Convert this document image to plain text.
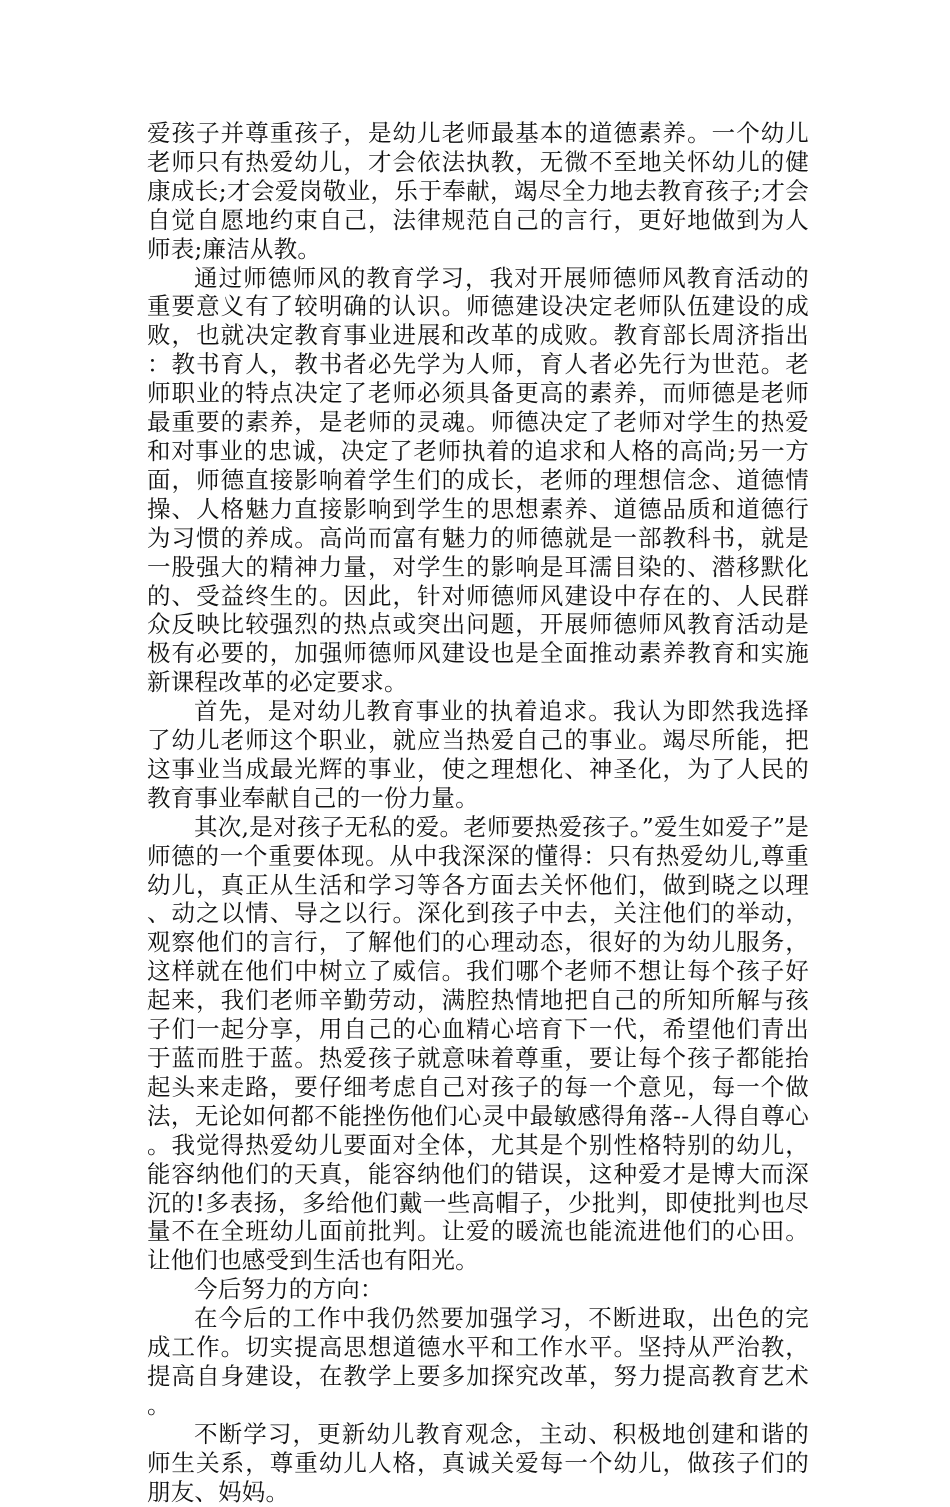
爱孩子并尊重孩子，是幼儿老师最基本的道德素养。一个幼儿老师只有热爱幼儿，才会依法执教，无微不至地关怀幼儿的健康成长;才会爱岗敬业，乐于奉献，竭尽全力地去教育孩子;才会自觉自愿地约束自己，法律规范自己的言行，更好地做到为人师表;廉洁从教。

通过师德师风的教育学习，我对开展师德师风教育活动的重要意义有了较明确的认识。师德建设决定老师队伍建设的成败，也就决定教育事业进展和改革的成败。教育部长周济指出：教书育人，教书者必先学为人师，育人者必先行为世范。老师职业的特点决定了老师必须具备更高的素养，而师德是老师最重要的素养，是老师的灵魂。师德决定了老师对学生的热爱和对事业的忠诚，决定了老师执着的追求和人格的高尚;另一方面，师德直接影响着学生们的成长，老师的理想信念、道德情操、人格魅力直接影响到学生的思想素养、道德品质和道德行为习惯的养成。高尚而富有魅力的师德就是一部教科书，就是一股强大的精神力量，对学生的影响是耳濡目染的、潜移默化的、受益终生的。因此，针对师德师风建设中存在的、人民群众反映比较强烈的热点或突出问题，开展师德师风教育活动是极有必要的，加强师德师风建设也是全面推动素养教育和实施新课程改革的必定要求。

首先，是对幼儿教育事业的执着追求。我认为即然我选择了幼儿老师这个职业，就应当热爱自己的事业。竭尽所能，把这事业当成最光辉的事业，使之理想化、神圣化，为了人民的教育事业奉献自己的一份力量。

其次,是对孩子无私的爱。老师要热爱孩子。”爱生如爱子”是师德的一个重要体现。从中我深深的懂得：只有热爱幼儿,尊重幼儿，真正从生活和学习等各方面去关怀他们，做到晓之以理、动之以情、导之以行。深化到孩子中去，关注他们的举动，观察他们的言行，了解他们的心理动态，很好的为幼儿服务，这样就在他们中树立了威信。我们哪个老师不想让每个孩子好起来，我们老师辛勤劳动，满腔热情地把自己的所知所解与孩子们一起分享，用自己的心血精心培育下一代，希望他们青出于蓝而胜于蓝。热爱孩子就意味着尊重，要让每个孩子都能抬起头来走路，要仔细考虑自己对孩子的每一个意见，每一个做法，无论如何都不能挫伤他们心灵中最敏感得角落--人得自尊心。我觉得热爱幼儿要面对全体，尤其是个别性格特别的幼儿，能容纳他们的天真，能容纳他们的错误，这种爱才是博大而深沉的!多表扬，多给他们戴一些高帽子，少批判，即使批判也尽量不在全班幼儿面前批判。让爱的暖流也能流进他们的心田。让他们也感受到生活也有阳光。

今后努力的方向：

在今后的工作中我仍然要加强学习，不断进取，出色的完成工作。切实提高思想道德水平和工作水平。坚持从严治教，提高自身建设，在教学上要多加探究改革，努力提高教育艺术。

不断学习，更新幼儿教育观念，主动、积极地创建和谐的师生关系，尊重幼儿人格，真诚关爱每一个幼儿，做孩子们的朋友、妈妈。
